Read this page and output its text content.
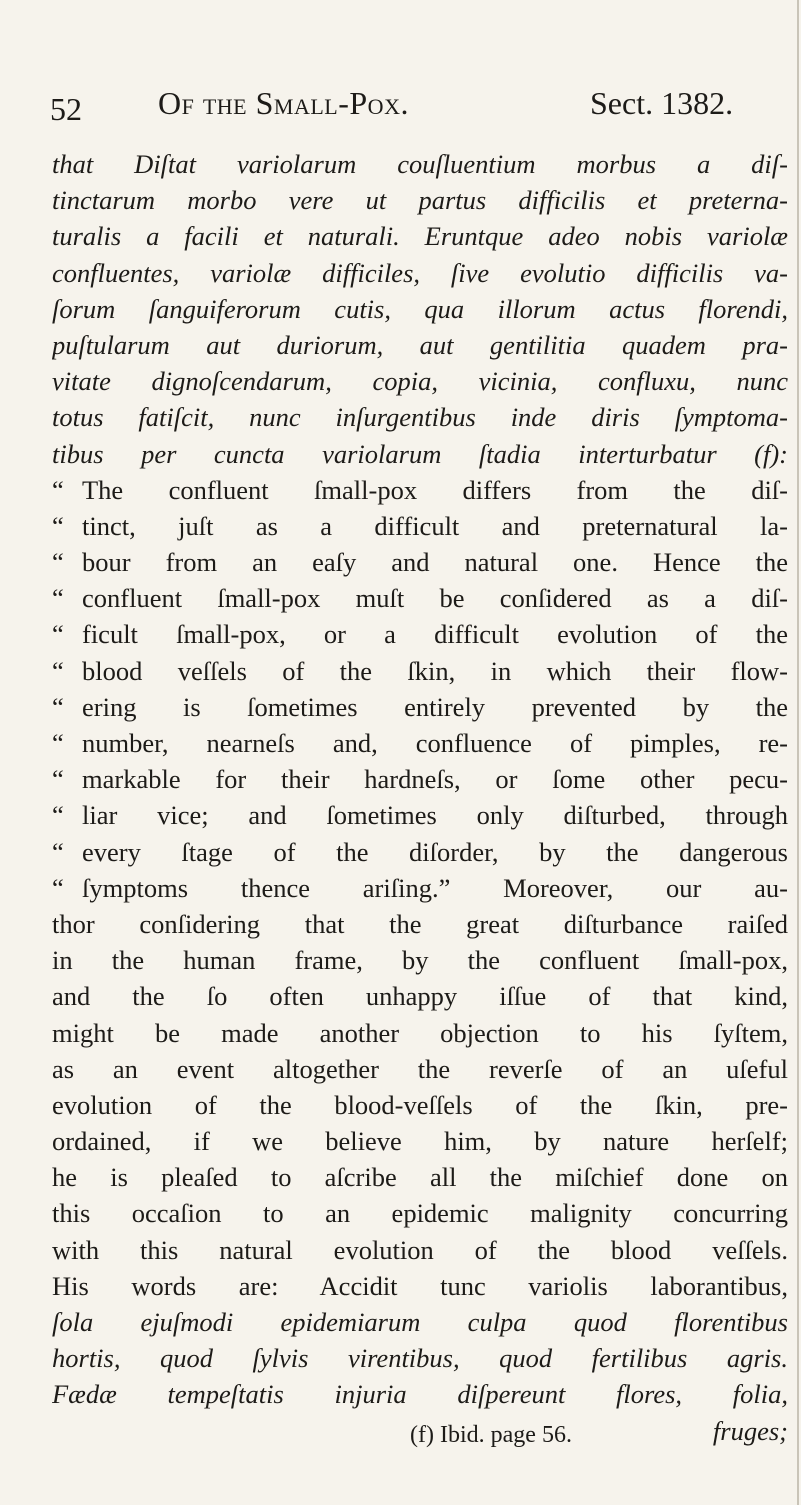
52 Of the Small-Pox.	Sect. 1382.
that Diſtat variolarum couſluentium morbus a diſ-
tinctarum morbo vere ut partus difficilis et preterna-
turalis a facili et naturali. Eruntque adeo nobis variolæ
confluentes, variolæ difficiles, ſive evolutio difficilis va-
ſorum ſanguiferorum cutis, qua illorum actus florendi,
puſtularum aut duriorum, aut gentilitia quadem pra-
vitate dignoſcendarum, copia, vicinia, confluxu, nunc
totus fatiſcit, nunc inſurgentibus inde diris ſymptoma-
tibus per cuncta variolarum ſtadia interturbatur (f):
“ The confluent ſmall-pox differs from the diſ-
“ tinct, juſt as a difficult and preternatural la-
“ bour from an eaſy and natural one. Hence the
“ confluent ſmall-pox muſt be conſidered as a diſ-
“ ficult ſmall-pox, or a difficult evolution of the
“ blood veſſels of the ſkin, in which their flow-
“ ering is ſometimes entirely prevented by the
“ number, nearneſs and, confluence of pimples, re-
“ markable for their hardneſs, or ſome other pecu-
“ liar vice; and ſometimes only diſturbed, through
“ every ſtage of the diſorder, by the dangerous
“ ſymptoms thence ariſing.” Moreover, our au-
thor conſidering that the great diſturbance raiſed
in the human frame, by the confluent ſmall-pox,
and the ſo often unhappy iſſue of that kind,
might be made another objection to his ſyſtem,
as an event altogether the reverſe of an uſeful
evolution of the blood-veſſels of the ſkin, pre-
ordained, if we believe him, by nature herſelf;
he is pleaſed to aſcribe all the miſchief done on
this occaſion to an epidemic malignity concurring
with this natural evolution of the blood veſſels.
His words are: Accidit tunc variolis laborantibus,
ſola ejuſmodi epidemiarum culpa quod florentibus
hortis, quod ſylvis virentibus, quod fertilibus agris.
Fædæ tempeſtatis injuria diſpereunt flores, folia,
fruges;
(f) Ibid. page 56.
